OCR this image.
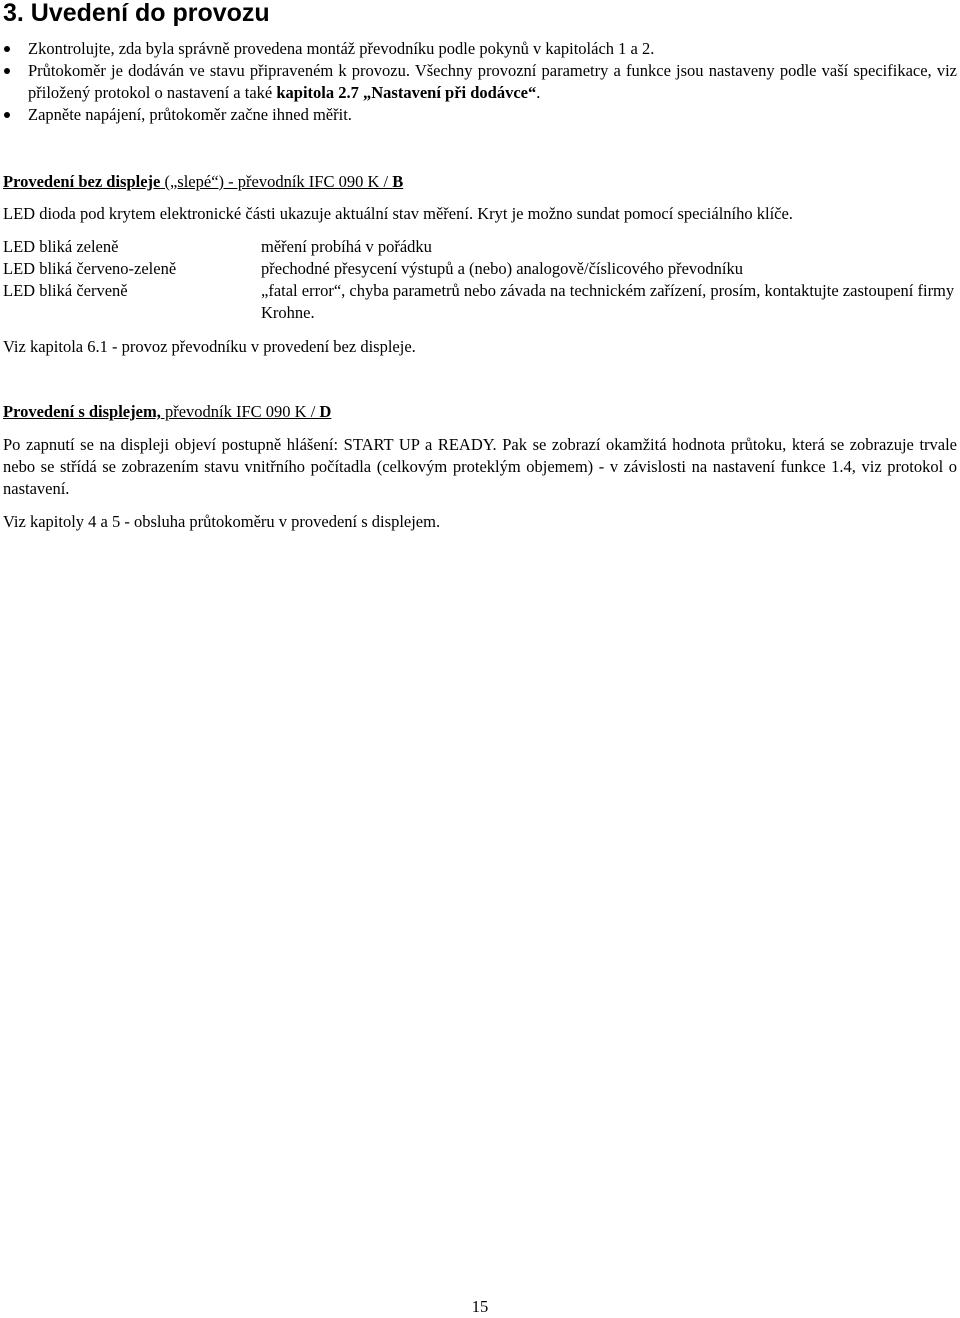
3. Uvedení do provozu
Zkontrolujte, zda byla správně provedena montáž převodníku podle pokynů v kapitolách 1 a 2.
Průtokoměr je dodáván ve stavu připraveném k provozu. Všechny provozní parametry a funkce jsou nastaveny podle vaší specifikace, viz přiložený protokol o nastavení a také kapitola 2.7 „Nastavení při dodávce“.
Zapněte napájení, průtokoměr začne ihned měřit.
Provedení bez displeje („slepé“) - převodník IFC 090 K / B
LED dioda pod krytem elektronické části ukazuje aktuální stav měření. Kryt je možno sundat pomocí speciálního klíče.
LED bliká zeleně	měření probíhá v pořádku
LED bliká červeno-zeleně	přechodné přesycení výstupů a (nebo) analogově/číslicového převodníku
LED bliká červeně	„fatal error“, chyba parametrů nebo závada na technickém zařízení, prosím, kontaktujte zastoupení firmy Krohne.
Viz kapitola 6.1 - provoz převodníku v provedení bez displeje.
Provedení s displejem, převodník IFC 090 K / D
Po zapnutí se na displeji objeví postupně hlášení: START UP a READY. Pak se zobrazí okamžitá hodnota průtoku, která se zobrazuje trvale nebo se střídá se zobrazením stavu vnitřního počítadla (celkovým proteklým objemem) - v závislosti na nastavení funkce 1.4, viz protokol o nastavení.
Viz kapitoly 4 a 5 - obsluha průtokoměru v provedení s displejem.
15
